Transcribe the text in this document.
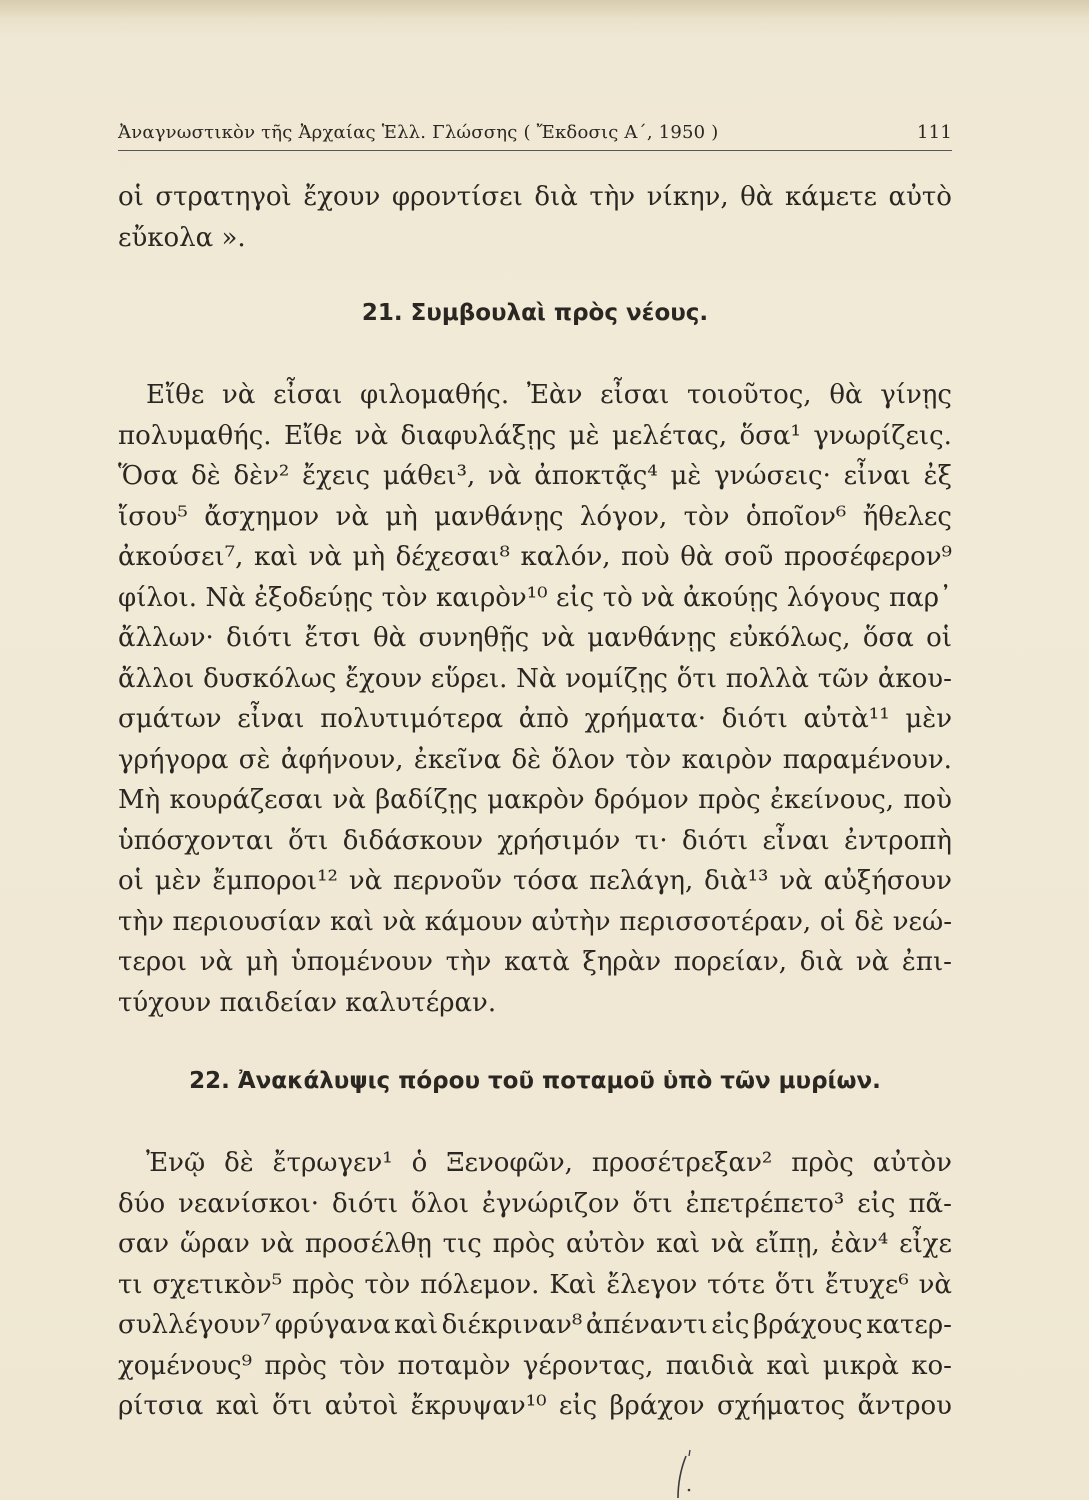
Ἀναγνωστικὸν τῆς Ἀρχαίας Ἑλλ. Γλώσσης ( Ἔκδοσις Α΄, 1950 )	111
οἱ στρατηγοὶ ἔχουν φροντίσει διὰ τὴν νίκην, θὰ κάμετε αὐτὸ
εὔκολα ».
21. Συμβουλαὶ πρὸς νέους.
Εἴθε νὰ εἶσαι φιλομαθής. Ἐὰν εἶσαι τοιοῦτος, θὰ γίνῃς
πολυμαθής. Εἴθε νὰ διαφυλάξῃς μὲ μελέτας, ὅσα¹ γνωρίζεις.
Ὅσα δὲ δὲν² ἔχεις μάθει³, νὰ ἀποκτᾷς⁴ μὲ γνώσεις· εἶναι ἐξ
ἴσου⁵ ἄσχημον νὰ μὴ μανθάνῃς λόγον, τὸν ὁποῖον⁶ ἤθελες
ἀκούσει⁷, καὶ νὰ μὴ δέχεσαι⁸ καλόν, ποὺ θὰ σοῦ προσέφερον⁹
φίλοι. Νὰ ἐξοδεύῃς τὸν καιρὸν¹⁰ εἰς τὸ νὰ ἀκούῃς λόγους παρ᾽
ἄλλων· διότι ἔτσι θὰ συνηθῇς νὰ μανθάνῃς εὐκόλως, ὅσα οἱ
ἄλλοι δυσκόλως ἔχουν εὕρει. Νὰ νομίζῃς ὅτι πολλὰ τῶν ἀκου-
σμάτων εἶναι πολυτιμότερα ἀπὸ χρήματα· διότι αὐτὰ¹¹ μὲν
γρήγορα σὲ ἀφήνουν, ἐκεῖνα δὲ ὅλον τὸν καιρὸν παραμένουν.
Μὴ κουράζεσαι νὰ βαδίζῃς μακρὸν δρόμον πρὸς ἐκείνους, ποὺ
ὑπόσχονται ὅτι διδάσκουν χρήσιμόν τι· διότι εἶναι ἐντροπὴ
οἱ μὲν ἔμποροι¹² νὰ περνοῦν τόσα πελάγη, διὰ¹³ νὰ αὐξήσουν
τὴν περιουσίαν καὶ νὰ κάμουν αὐτὴν περισσοτέραν, οἱ δὲ νεώ-
τεροι νὰ μὴ ὑπομένουν τὴν κατὰ ξηρὰν πορείαν, διὰ νὰ ἐπι-
τύχουν παιδείαν καλυτέραν.
22. Ἀνακάλυψις πόρου τοῦ ποταμοῦ ὑπὸ τῶν μυρίων.
Ἐνῷ δὲ ἔτρωγεν¹ ὁ Ξενοφῶν, προσέτρεξαν² πρὸς αὐτὸν
δύο νεανίσκοι· διότι ὅλοι ἐγνώριζον ὅτι ἐπετρέπετο³ εἰς πᾶ-
σαν ὥραν νὰ προσέλθῃ τις πρὸς αὐτὸν καὶ νὰ εἴπῃ, ἐὰν⁴ εἶχε
τι σχετικὸν⁵ πρὸς τὸν πόλεμον. Καὶ ἔλεγον τότε ὅτι ἔτυχε⁶ νὰ
συλλέγουν⁷ φρύγανα καὶ διέκριναν⁸ ἀπέναντι εἰς βράχους κατερ-
χομένους⁹ πρὸς τὸν ποταμὸν γέροντας, παιδιὰ καὶ μικρὰ κο-
ρίτσια καὶ ὅτι αὐτοὶ ἔκρυψαν¹⁰ εἰς βράχον σχήματος ἄντρου
